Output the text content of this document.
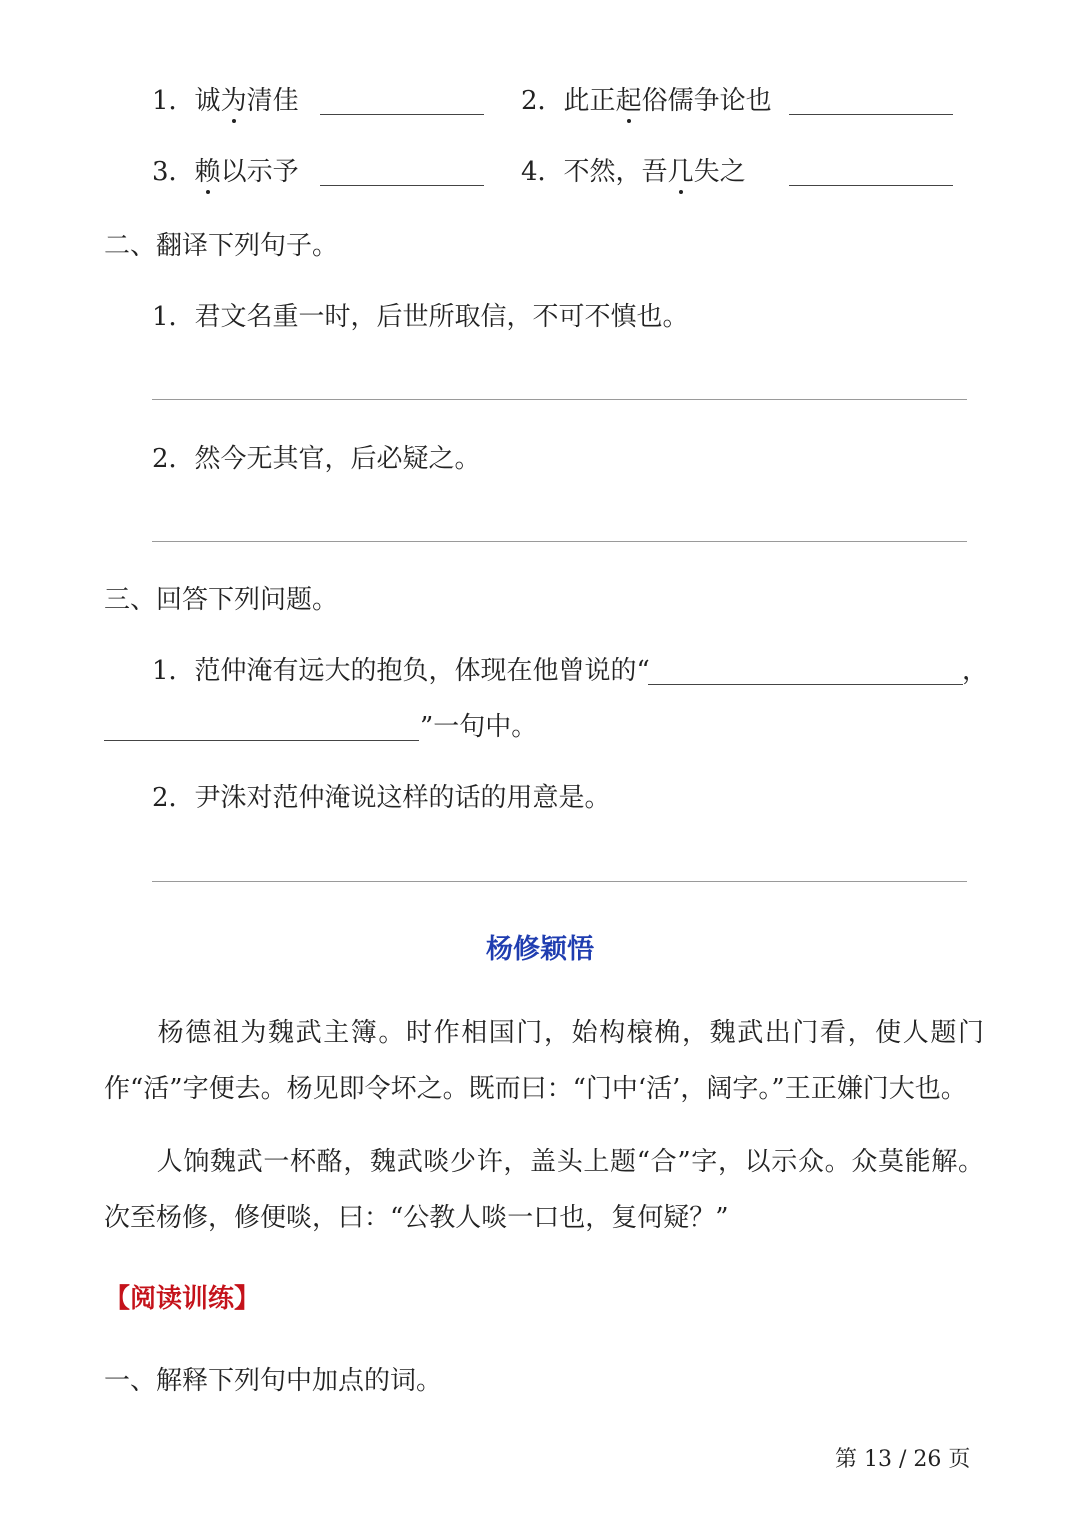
1．诚为清佳	2．此正起俗儒争论也
3．赖以示予	4．不然，吾几失之
二、翻译下列句子。
1．君文名重一时，后世所取信，不可不慎也。
2．然今无其官，后必疑之。
三、回答下列问题。
1．范仲淹有远大的抱负，体现在他曾说的“	，
”一句中。
2．尹洙对范仲淹说这样的话的用意是。
杨修颖悟
杨德祖为魏武主簿。时作相国门，始构榱桷，魏武出门看，使人题门作“活”字便去。杨见即令坏之。既而曰：“门中‘活’，阔字。”王正嫌门大也。
人饷魏武一杯酪，魏武啖少许，盖头上题“合”字，以示众。众莫能解。次至杨修，修便啖，曰：“公教人啖一口也，复何疑？”
【阅读训练】
一、解释下列句中加点的词。
第 13 / 26 页
